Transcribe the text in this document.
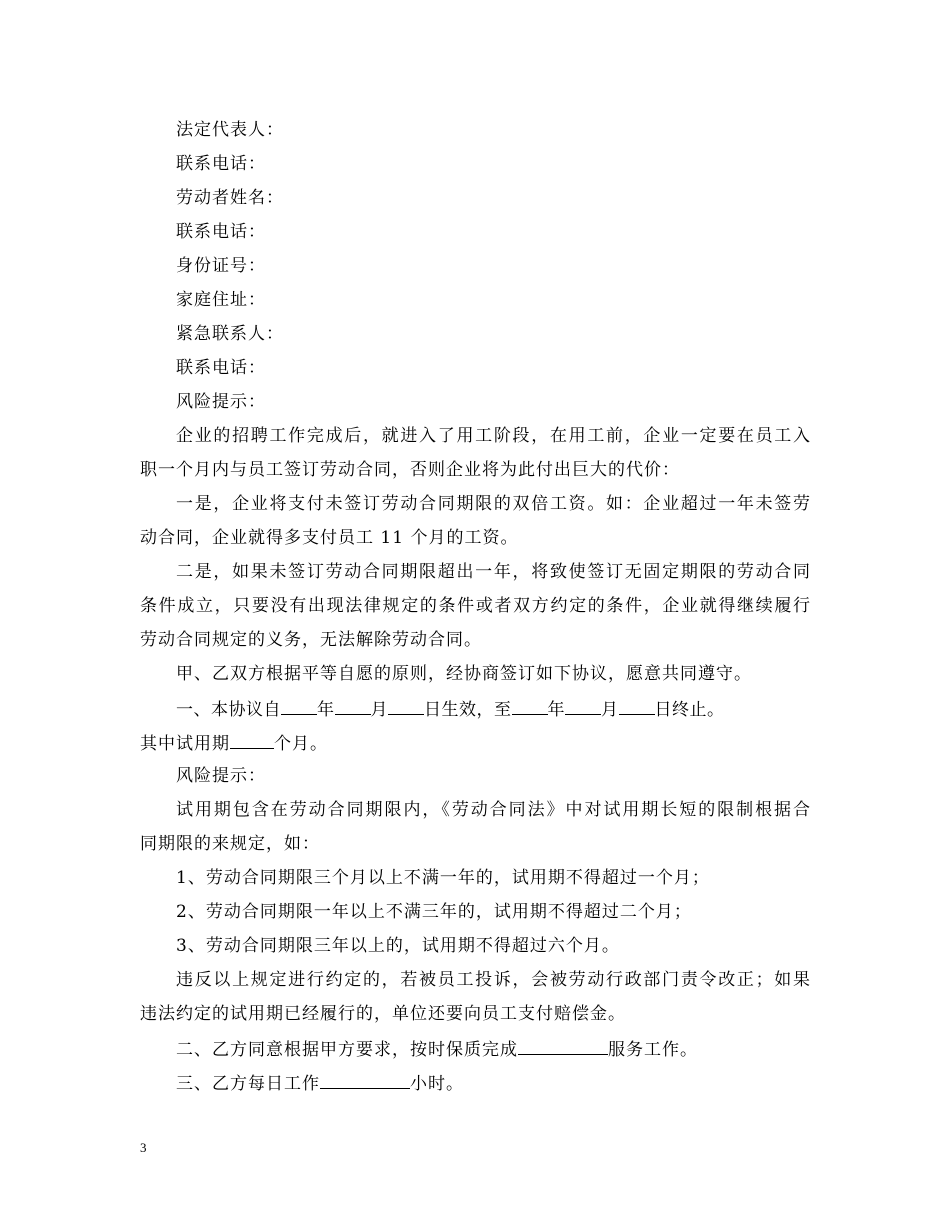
法定代表人：
联系电话：
劳动者姓名：
联系电话：
身份证号：
家庭住址：
紧急联系人：
联系电话：
风险提示：
企业的招聘工作完成后，就进入了用工阶段，在用工前，企业一定要在员工入
职一个月内与员工签订劳动合同，否则企业将为此付出巨大的代价：
一是，企业将支付未签订劳动合同期限的双倍工资。如：企业超过一年未签劳
动合同，企业就得多支付员工 11 个月的工资。
二是，如果未签订劳动合同期限超出一年，将致使签订无固定期限的劳动合同
条件成立，只要没有出现法律规定的条件或者双方约定的条件，企业就得继续履行
劳动合同规定的义务，无法解除劳动合同。
甲、乙双方根据平等自愿的原则，经协商签订如下协议，愿意共同遵守。
一、本协议自 年 月 日生效，至 年 月 日终止。
其中试用期	个月。
风险提示：
试用期包含在劳动合同期限内，《劳动合同法》中对试用期长短的限制根据合
同期限的来规定，如：
1、劳动合同期限三个月以上不满一年的，试用期不得超过一个月；
2、劳动合同期限一年以上不满三年的，试用期不得超过二个月；
3、劳动合同期限三年以上的，试用期不得超过六个月。
违反以上规定进行约定的，若被员工投诉，会被劳动行政部门责令改正；如果
违法约定的试用期已经履行的，单位还要向员工支付赔偿金。
二、乙方同意根据甲方要求，按时保质完成	服务工作。
三、乙方每日工作	小时。
3
